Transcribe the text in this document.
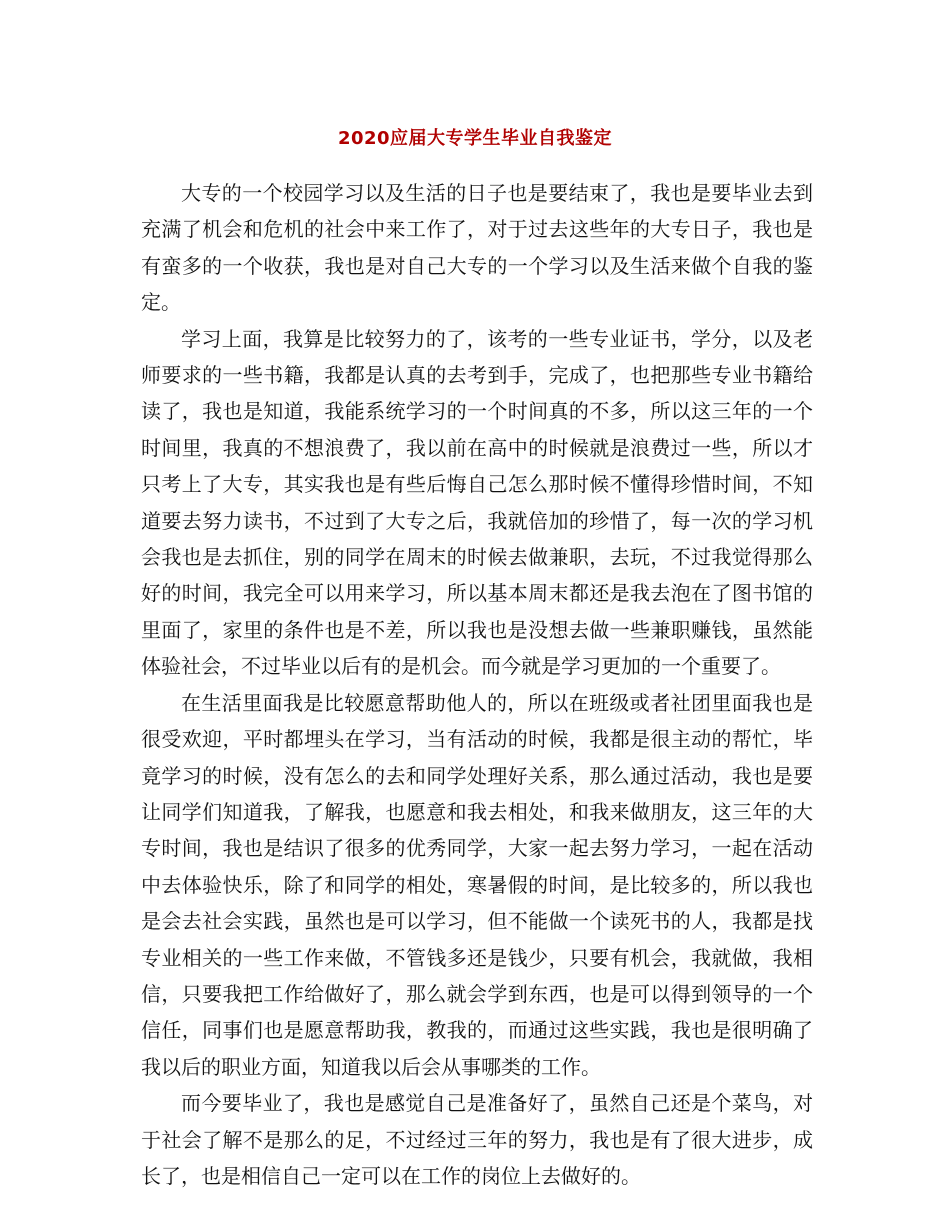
2020应届大专学生毕业自我鉴定

大专的一个校园学习以及生活的日子也是要结束了，我也是要毕业去到充满了机会和危机的社会中来工作了，对于过去这些年的大专日子，我也是有蛮多的一个收获，我也是对自己大专的一个学习以及生活来做个自我的鉴定。

学习上面，我算是比较努力的了，该考的一些专业证书，学分，以及老师要求的一些书籍，我都是认真的去考到手，完成了，也把那些专业书籍给读了，我也是知道，我能系统学习的一个时间真的不多，所以这三年的一个时间里，我真的不想浪费了，我以前在高中的时候就是浪费过一些，所以才只考上了大专，其实我也是有些后悔自己怎么那时候不懂得珍惜时间，不知道要去努力读书，不过到了大专之后，我就倍加的珍惜了，每一次的学习机会我也是去抓住，别的同学在周末的时候去做兼职，去玩，不过我觉得那么好的时间，我完全可以用来学习，所以基本周末都还是我去泡在了图书馆的里面了，家里的条件也是不差，所以我也是没想去做一些兼职赚钱，虽然能体验社会，不过毕业以后有的是机会。而今就是学习更加的一个重要了。

在生活里面我是比较愿意帮助他人的，所以在班级或者社团里面我也是很受欢迎，平时都埋头在学习，当有活动的时候，我都是很主动的帮忙，毕竟学习的时候，没有怎么的去和同学处理好关系，那么通过活动，我也是要让同学们知道我，了解我，也愿意和我去相处，和我来做朋友，这三年的大专时间，我也是结识了很多的优秀同学，大家一起去努力学习，一起在活动中去体验快乐，除了和同学的相处，寒暑假的时间，是比较多的，所以我也是会去社会实践，虽然也是可以学习，但不能做一个读死书的人，我都是找专业相关的一些工作来做，不管钱多还是钱少，只要有机会，我就做，我相信，只要我把工作给做好了，那么就会学到东西，也是可以得到领导的一个信任，同事们也是愿意帮助我，教我的，而通过这些实践，我也是很明确了我以后的职业方面，知道我以后会从事哪类的工作。

而今要毕业了，我也是感觉自己是准备好了，虽然自己还是个菜鸟，对于社会了解不是那么的足，不过经过三年的努力，我也是有了很大进步，成长了，也是相信自己一定可以在工作的岗位上去做好的。
